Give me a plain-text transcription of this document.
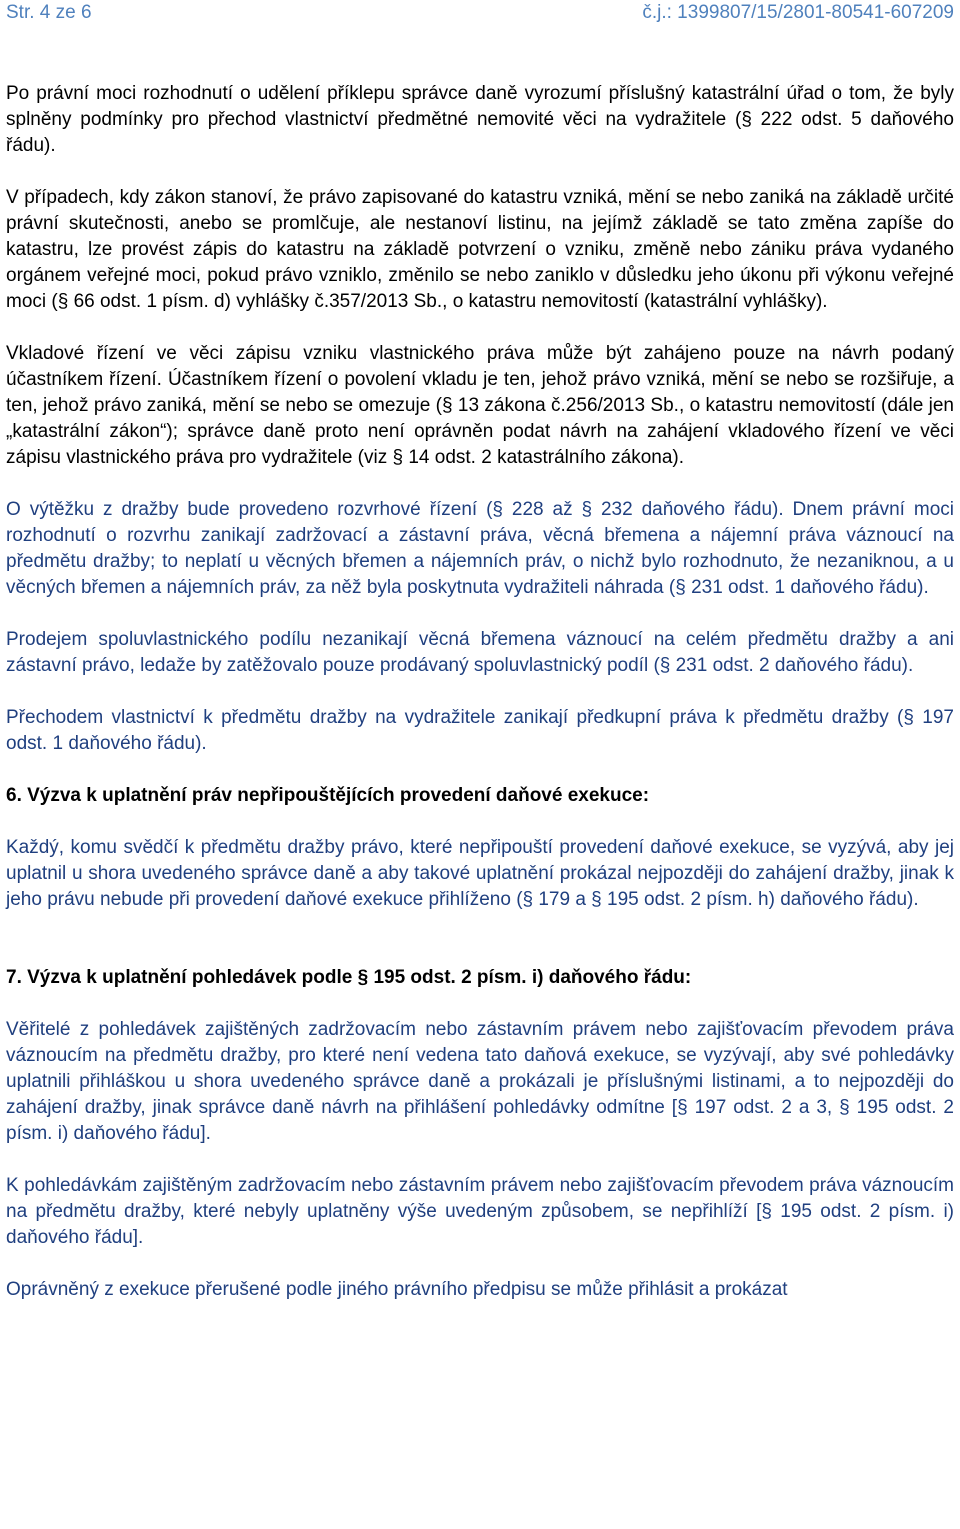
Str. 4 ze 6	č.j.: 1399807/15/2801-80541-607209

Po právní moci rozhodnutí o udělení příklepu správce daně vyrozumí příslušný katastrální úřad o tom, že byly splněny podmínky pro přechod vlastnictví předmětné nemovité věci na vydražitele (§ 222 odst. 5 daňového řádu).

V případech, kdy zákon stanoví, že právo zapisované do katastru vzniká, mění se nebo zaniká na základě určité právní skutečnosti, anebo se promlčuje, ale nestanoví listinu, na jejímž základě se tato změna zapíše do katastru, lze provést zápis do katastru na základě potvrzení o vzniku, změně nebo zániku práva vydaného orgánem veřejné moci, pokud právo vzniklo, změnilo se nebo zaniklo v důsledku jeho úkonu při výkonu veřejné moci (§ 66 odst. 1 písm. d) vyhlášky č.357/2013 Sb., o katastru nemovitostí (katastrální vyhlášky).

Vkladové řízení ve věci zápisu vzniku vlastnického práva může být zahájeno pouze na návrh podaný účastníkem řízení. Účastníkem řízení o povolení vkladu je ten, jehož právo vzniká, mění se nebo se rozšiřuje, a ten, jehož právo zaniká, mění se nebo se omezuje (§ 13 zákona č.256/2013 Sb., o katastru nemovitostí (dále jen „katastrální zákon“); správce daně proto není oprávněn podat návrh na zahájení vkladového řízení ve věci zápisu vlastnického práva pro vydražitele (viz § 14 odst. 2 katastrálního zákona).

O výtěžku z dražby bude provedeno rozvrhové řízení (§ 228 až § 232 daňového řádu). Dnem právní moci rozhodnutí o rozvrhu zanikají zadržovací a zástavní práva, věcná břemena a nájemní práva váznoucí na předmětu dražby; to neplatí u věcných břemen a nájemních práv, o nichž bylo rozhodnuto, že nezaniknou, a u věcných břemen a nájemních práv, za něž byla poskytnuta vydražiteli náhrada (§ 231 odst. 1 daňového řádu).

Prodejem spoluvlastnického podílu nezanikají věcná břemena váznoucí na celém předmětu dražby a ani zástavní právo, ledaže by zatěžovalo pouze prodávaný spoluvlastnický podíl (§ 231 odst. 2 daňového řádu).

Přechodem vlastnictví k předmětu dražby na vydražitele zanikají předkupní práva k předmětu dražby (§ 197 odst. 1 daňového řádu).

6. Výzva k uplatnění práv nepřipouštějících provedení daňové exekuce:

Každý, komu svědčí k předmětu dražby právo, které nepřipouští provedení daňové exekuce, se vyzývá, aby jej uplatnil u shora uvedeného správce daně a aby takové uplatnění prokázal nejpozději do zahájení dražby, jinak k jeho právu nebude při provedení daňové exekuce přihlíženo (§ 179 a § 195 odst. 2 písm. h) daňového řádu).

7. Výzva k uplatnění pohledávek podle § 195 odst. 2 písm. i) daňového řádu:

Věřitelé z pohledávek zajištěných zadržovacím nebo zástavním právem nebo zajišťovacím převodem práva váznoucím na předmětu dražby, pro které není vedena tato daňová exekuce, se vyzývají, aby své pohledávky uplatnili přihláškou u shora uvedeného správce daně a prokázali je příslušnými listinami, a to nejpozději do zahájení dražby, jinak správce daně návrh na přihlášení pohledávky odmítne [§ 197 odst. 2 a 3, § 195 odst. 2 písm. i) daňového řádu].

K pohledávkám zajištěným zadržovacím nebo zástavním právem nebo zajišťovacím převodem práva váznoucím na předmětu dražby, které nebyly uplatněny výše uvedeným způsobem, se nepřihlíží [§ 195 odst. 2 písm. i) daňového řádu].

Oprávněný z exekuce přerušené podle jiného právního předpisu se může přihlásit a prokázat
